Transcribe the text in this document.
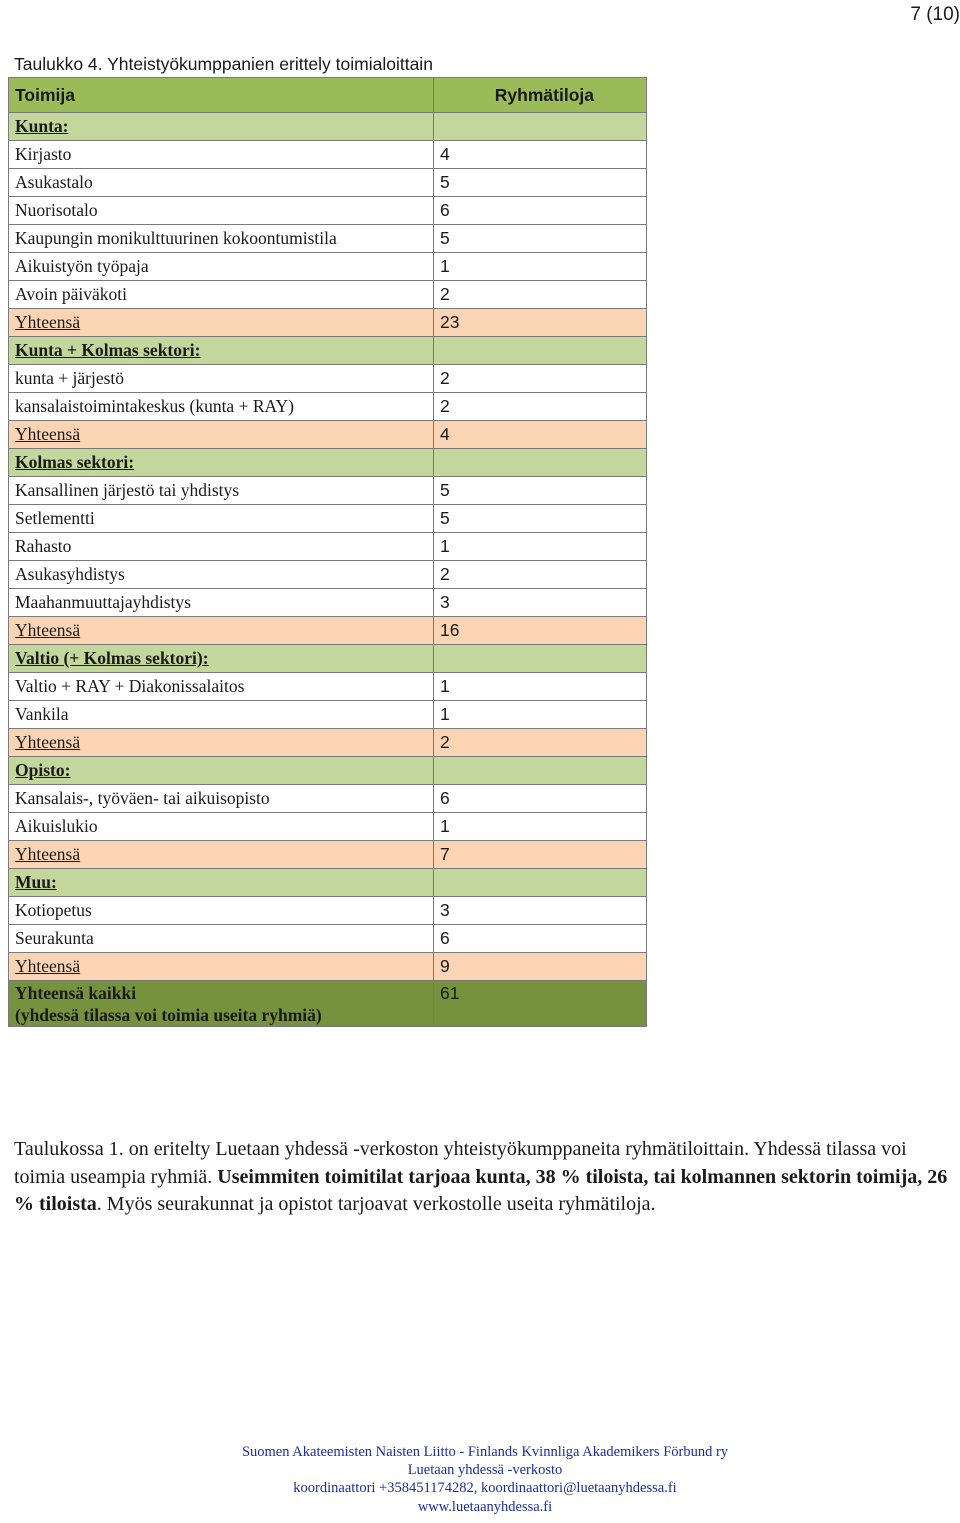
7 (10)
Taulukko 4. Yhteistyökumppanien erittely toimialoittain
Toimija	Ryhmätiloja
Kunta:	
Kirjasto	4
Asukastalo	5
Nuorisotalo	6
Kaupungin monikulttuurinen kokoontumistila	5
Aikuistyön työpaja	1
Avoin päiväkoti	2
Yhteensä	23
Kunta + Kolmas sektori:	
kunta + järjestö	2
kansalaistoimintakeskus (kunta + RAY)	2
Yhteensä	4
Kolmas sektori:	
Kansallinen järjestö tai yhdistys	5
Setlementti	5
Rahasto	1
Asukasyhdistys	2
Maahanmuuttajayhdistys	3
Yhteensä	16
Valtio (+ Kolmas sektori):	
Valtio + RAY + Diakonissalaitos	1
Vankila	1
Yhteensä	2
Opisto:	
Kansalais-, työväen- tai aikuisopisto	6
Aikuislukio	1
Yhteensä	7
Muu:	
Kotiopetus	3
Seurakunta	6
Yhteensä	9

Yhteensä kaikki
(yhdessä tilassa voi toimia useita ryhmiä)	61
Taulukossa 1. on eritelty Luetaan yhdessä -verkoston yhteistyökumppaneita ryhmätiloittain. Yhdessä tilassa voi toimia useampia ryhmiä. Useimmiten toimitilat tarjoaa kunta, 38 % tiloista, tai kolmannen sektorin toimija, 26 % tiloista. Myös seurakunnat ja opistot tarjoavat verkostolle useita ryhmätiloja.
Suomen Akateemisten Naisten Liitto - Finlands Kvinnliga Akademikers Förbund ry
Luetaan yhdessä -verkosto
koordinaattori +358451174282, koordinaattori@luetaanyhdessa.fi
www.luetaanyhdessa.fi
